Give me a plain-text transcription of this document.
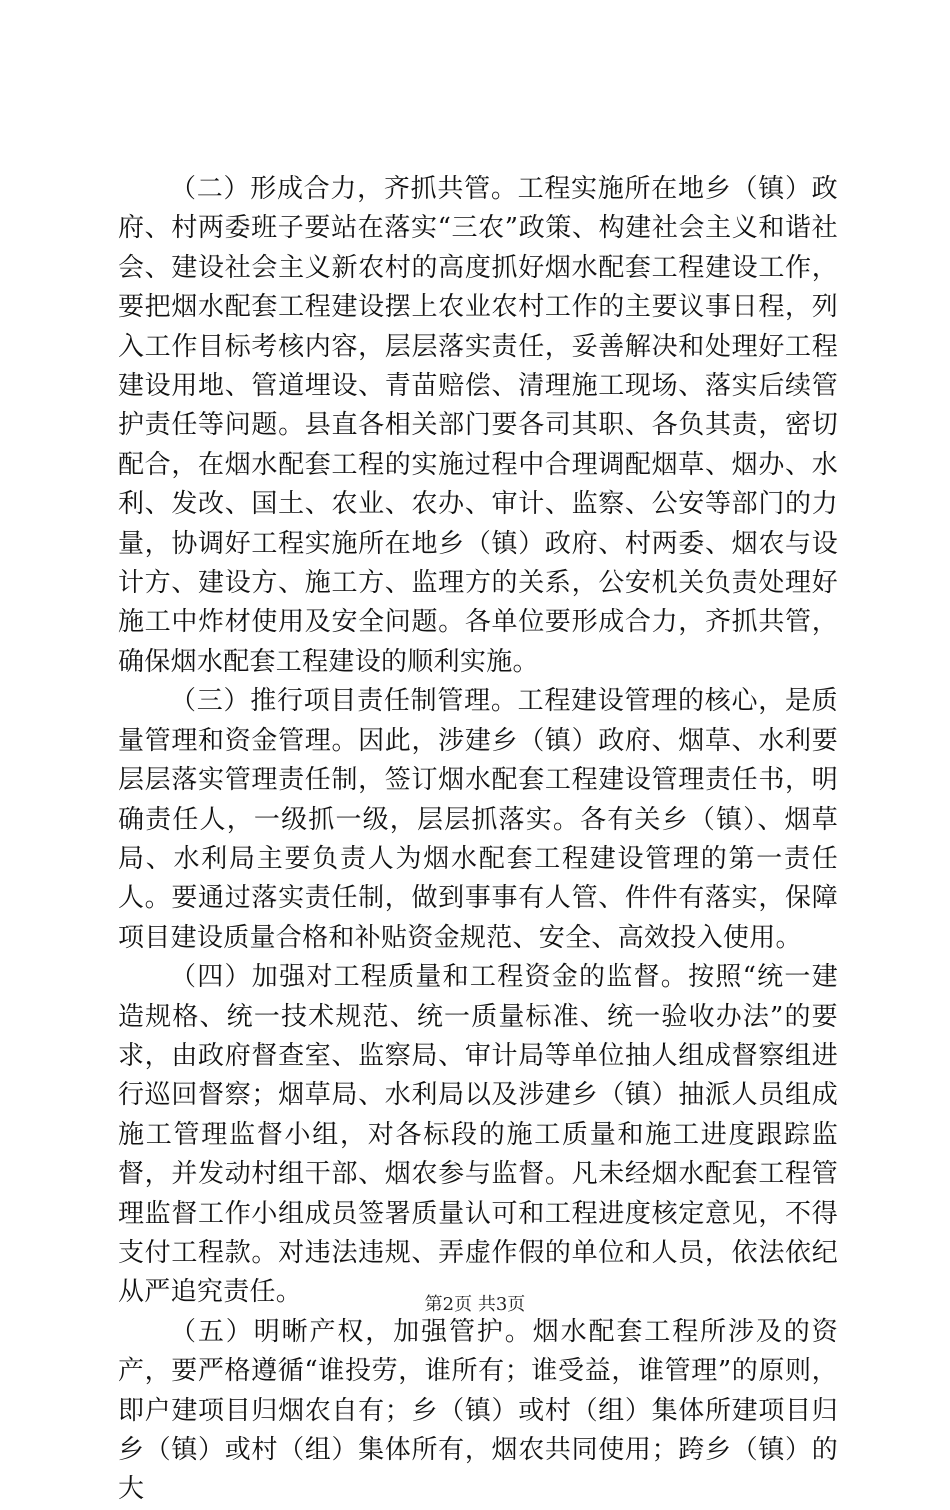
（二）形成合力，齐抓共管。工程实施所在地乡（镇）政府、村两委班子要站在落实“三农”政策、构建社会主义和谐社会、建设社会主义新农村的高度抓好烟水配套工程建设工作，要把烟水配套工程建设摆上农业农村工作的主要议事日程，列入工作目标考核内容，层层落实责任，妥善解决和处理好工程建设用地、管道埋设、青苗赔偿、清理施工现场、落实后续管护责任等问题。县直各相关部门要各司其职、各负其责，密切配合，在烟水配套工程的实施过程中合理调配烟草、烟办、水利、发改、国土、农业、农办、审计、监察、公安等部门的力量，协调好工程实施所在地乡（镇）政府、村两委、烟农与设计方、建设方、施工方、监理方的关系，公安机关负责处理好施工中炸材使用及安全问题。各单位要形成合力，齐抓共管，确保烟水配套工程建设的顺利实施。

（三）推行项目责任制管理。工程建设管理的核心，是质量管理和资金管理。因此，涉建乡（镇）政府、烟草、水利要层层落实管理责任制，签订烟水配套工程建设管理责任书，明确责任人，一级抓一级，层层抓落实。各有关乡（镇）、烟草局、水利局主要负责人为烟水配套工程建设管理的第一责任人。要通过落实责任制，做到事事有人管、件件有落实，保障项目建设质量合格和补贴资金规范、安全、高效投入使用。

（四）加强对工程质量和工程资金的监督。按照“统一建造规格、统一技术规范、统一质量标准、统一验收办法”的要求，由政府督查室、监察局、审计局等单位抽人组成督察组进行巡回督察；烟草局、水利局以及涉建乡（镇）抽派人员组成施工管理监督小组，对各标段的施工质量和施工进度跟踪监督，并发动村组干部、烟农参与监督。凡未经烟水配套工程管理监督工作小组成员签署质量认可和工程进度核定意见，不得支付工程款。对违法违规、弄虚作假的单位和人员，依法依纪从严追究责任。

（五）明晰产权，加强管护。烟水配套工程所涉及的资产，要严格遵循“谁投劳，谁所有；谁受益，谁管理”的原则，即户建项目归烟农自有；乡（镇）或村（组）集体所建项目归乡（镇）或村（组）集体所有，烟农共同使用；跨乡（镇）的大

第2页 共3页
